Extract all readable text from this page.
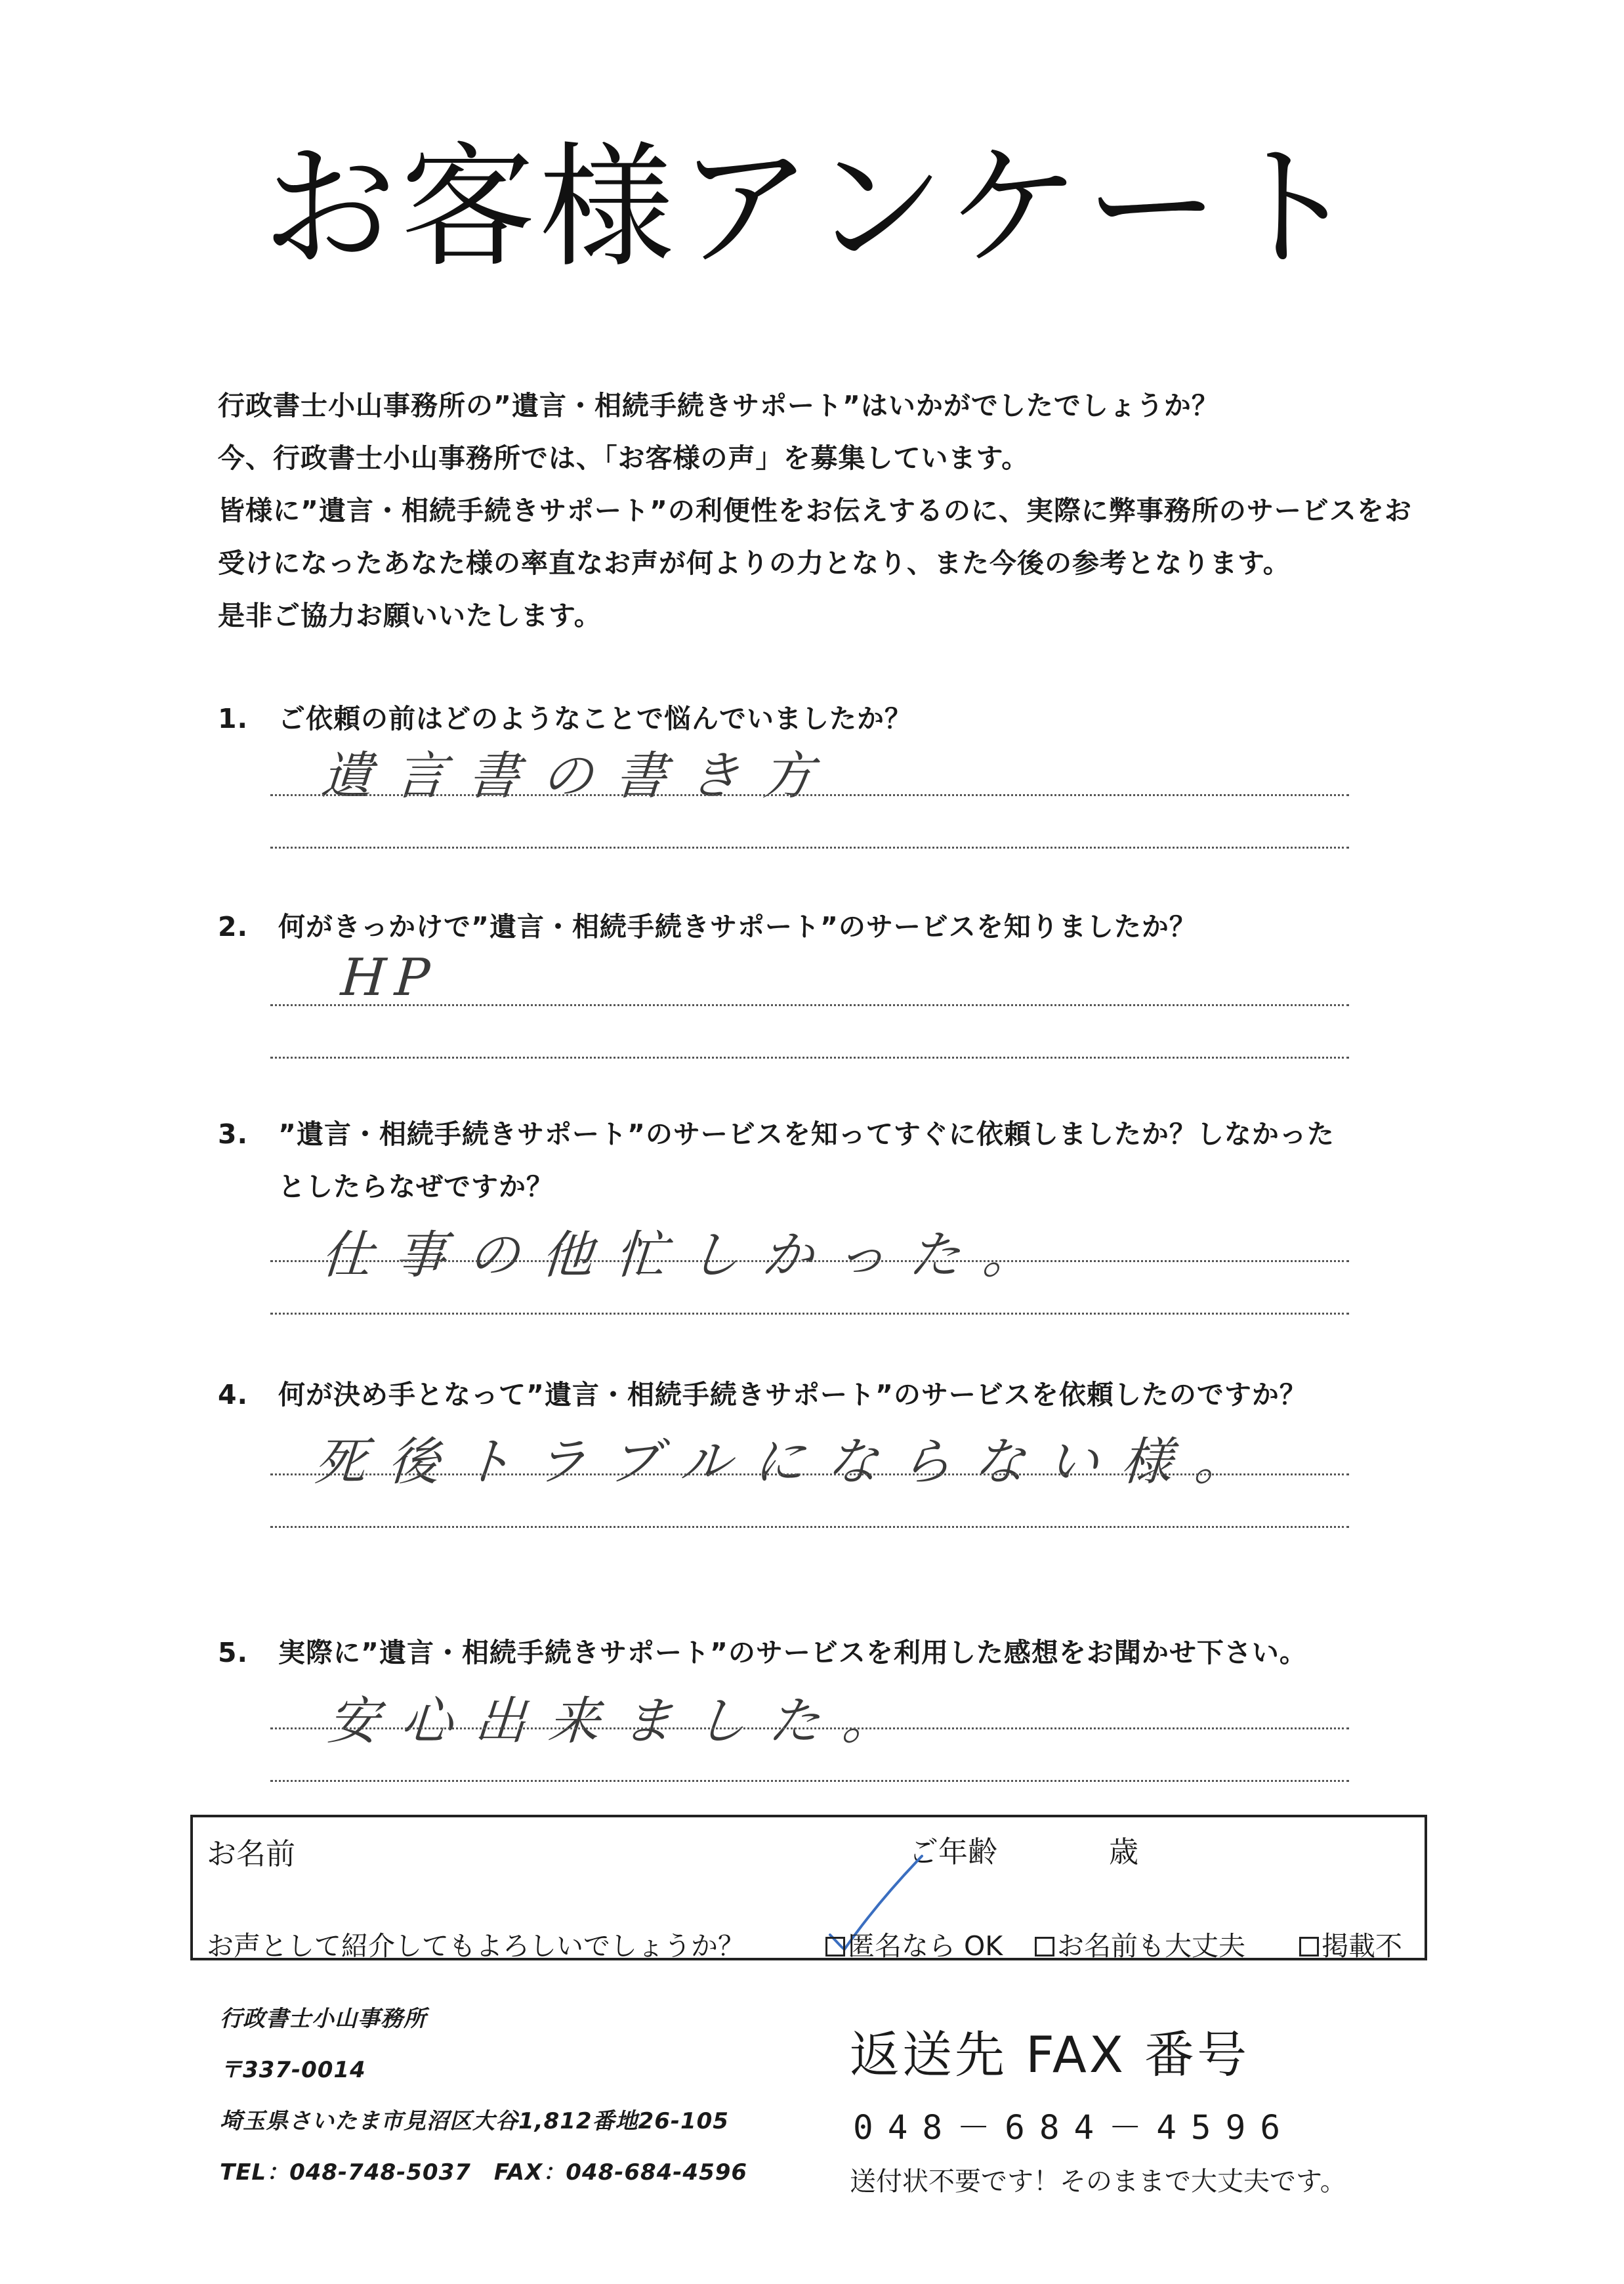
お客様アンケート
行政書士小山事務所の”遺言・相続手続きサポート”はいかがでしたでしょうか？
今、行政書士小山事務所では、「お客様の声」を募集しています。
皆様に”遺言・相続手続きサポート”の利便性をお伝えするのに、実際に弊事務所のサービスをお
受けになったあなた様の率直なお声が何よりの力となり、また今後の参考となります。
是非ご協力お願いいたします。
1. ご依頼の前はどのようなことで悩んでいましたか？
遺言書の書き方
2. 何がきっかけで”遺言・相続手続きサポート”のサービスを知りましたか？
HP
3. ”遺言・相続手続きサポート”のサービスを知ってすぐに依頼しましたか？しなかった
としたらなぜですか？
仕事の他忙しかった。
4. 何が決め手となって”遺言・相続手続きサポート”のサービスを依頼したのですか？
死後トラブルにならない様。
5. 実際に”遺言・相続手続きサポート”のサービスを利用した感想をお聞かせ下さい。
安心出来ました。
お名前	ご年齢	歳
お声として紹介してもよろしいでしょうか？	匿名なら OK	お名前も大丈夫	掲載不
行政書士小山事務所
〒337-0014
埼玉県さいたま市見沼区大谷1,812番地26-105
TEL：048-748-5037　FAX：048-684-4596
返送先 FAX 番号
048－684－4596
送付状不要です！そのままで大丈夫です。
